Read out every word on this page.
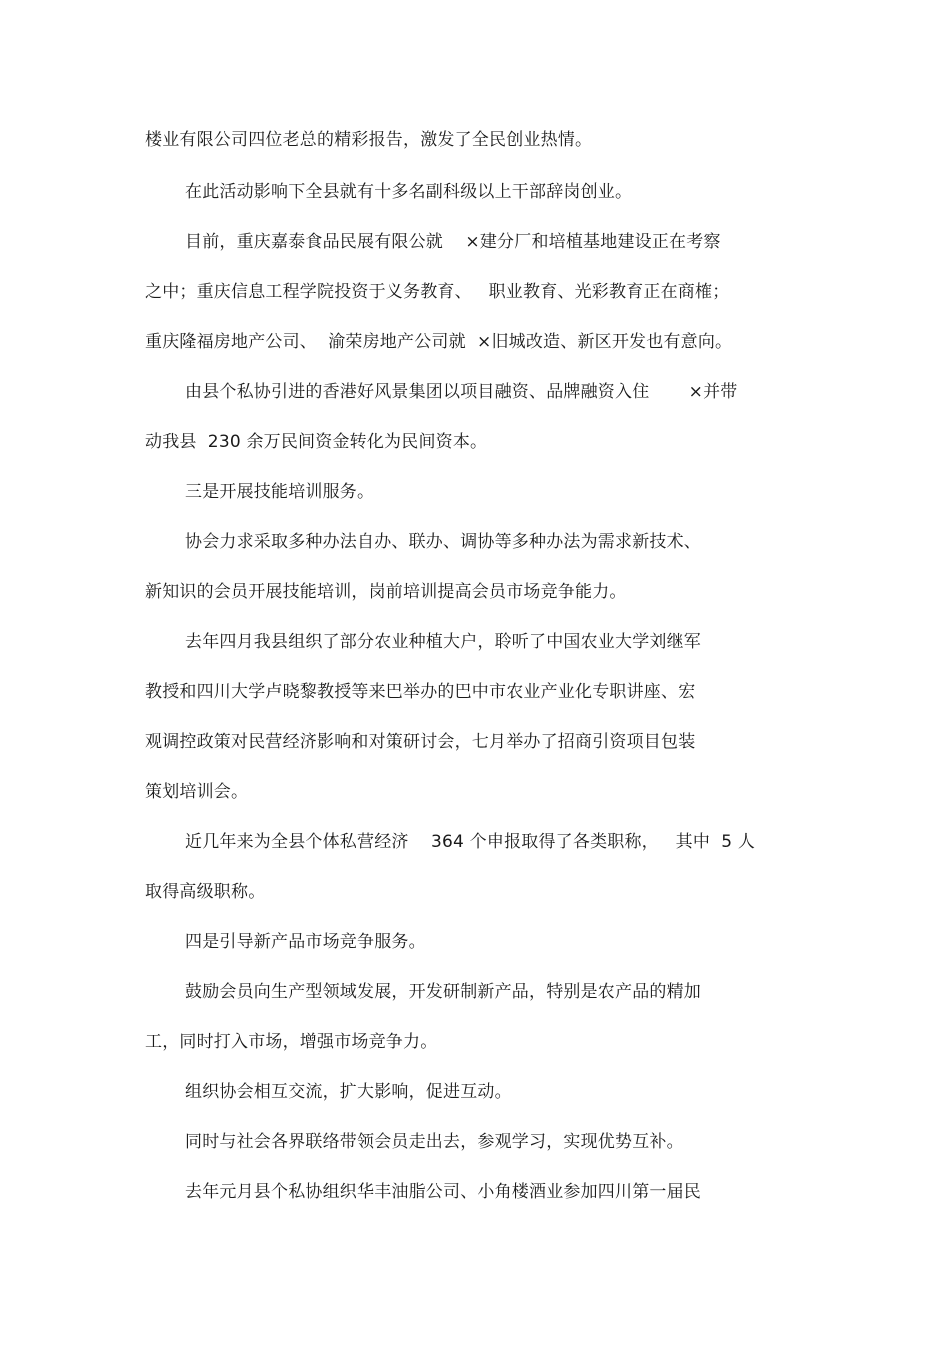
楼业有限公司四位老总的精彩报告，激发了全民创业热情。
在此活动影响下全县就有十多名副科级以上干部辞岗创业。
目前，重庆嘉泰食品民展有限公就    ×建分厂和培植基地建设正在考察
之中；重庆信息工程学院投资于义务教育、   职业教育、光彩教育正在商榷；
重庆隆福房地产公司、  渝荣房地产公司就  ×旧城改造、新区开发也有意向。
由县个私协引进的香港好风景集团以项目融资、品牌融资入住       ×并带
动我县  230 余万民间资金转化为民间资本。
三是开展技能培训服务。
协会力求采取多种办法自办、联办、调协等多种办法为需求新技术、
新知识的会员开展技能培训，岗前培训提高会员市场竞争能力。
去年四月我县组织了部分农业种植大户，聆听了中国农业大学刘继军
教授和四川大学卢晓黎教授等来巴举办的巴中市农业产业化专职讲座、宏
观调控政策对民营经济影响和对策研讨会，七月举办了招商引资项目包装
策划培训会。
近几年来为全县个体私营经济    364 个申报取得了各类职称，   其中  5 人
取得高级职称。
四是引导新产品市场竞争服务。
鼓励会员向生产型领域发展，开发研制新产品，特别是农产品的精加
工，同时打入市场，增强市场竞争力。
组织协会相互交流，扩大影响，促进互动。
同时与社会各界联络带领会员走出去，参观学习，实现优势互补。
去年元月县个私协组织华丰油脂公司、小角楼酒业参加四川第一届民
